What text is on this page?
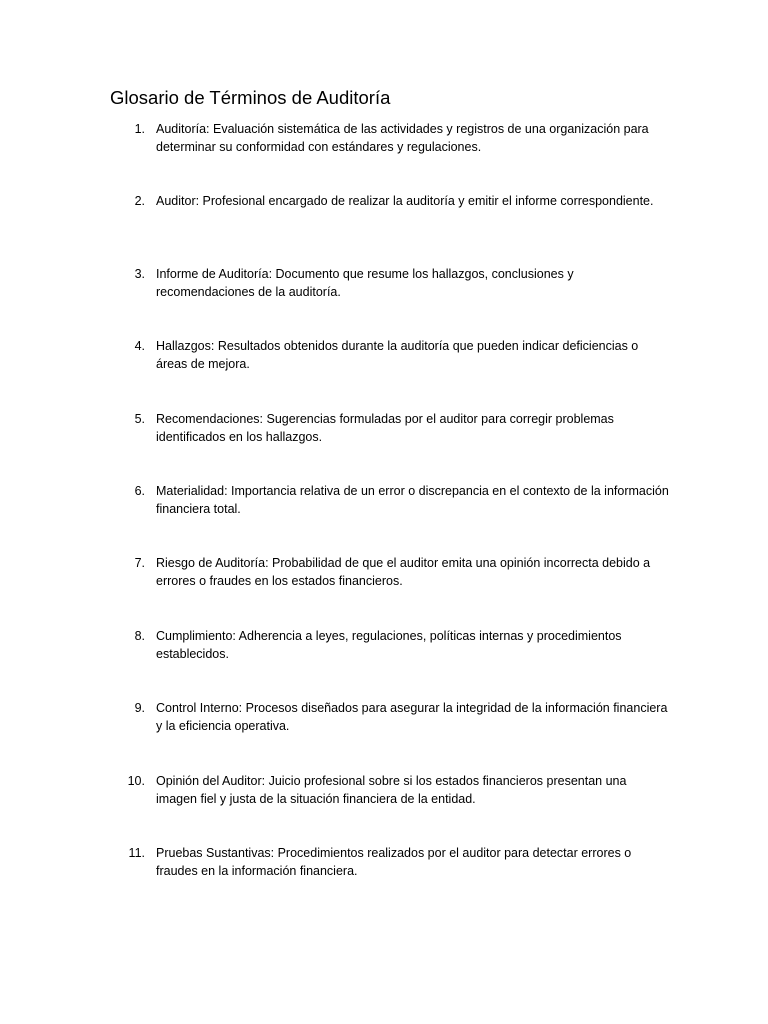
Glosario de Términos de Auditoría
1. Auditoría: Evaluación sistemática de las actividades y registros de una organización para determinar su conformidad con estándares y regulaciones.
2. Auditor: Profesional encargado de realizar la auditoría y emitir el informe correspondiente.
3. Informe de Auditoría: Documento que resume los hallazgos, conclusiones y recomendaciones de la auditoría.
4. Hallazgos: Resultados obtenidos durante la auditoría que pueden indicar deficiencias o áreas de mejora.
5. Recomendaciones: Sugerencias formuladas por el auditor para corregir problemas identificados en los hallazgos.
6. Materialidad: Importancia relativa de un error o discrepancia en el contexto de la información financiera total.
7. Riesgo de Auditoría: Probabilidad de que el auditor emita una opinión incorrecta debido a errores o fraudes en los estados financieros.
8. Cumplimiento: Adherencia a leyes, regulaciones, políticas internas y procedimientos establecidos.
9. Control Interno: Procesos diseñados para asegurar la integridad de la información financiera y la eficiencia operativa.
10. Opinión del Auditor: Juicio profesional sobre si los estados financieros presentan una imagen fiel y justa de la situación financiera de la entidad.
11. Pruebas Sustantivas: Procedimientos realizados por el auditor para detectar errores o fraudes en la información financiera.
